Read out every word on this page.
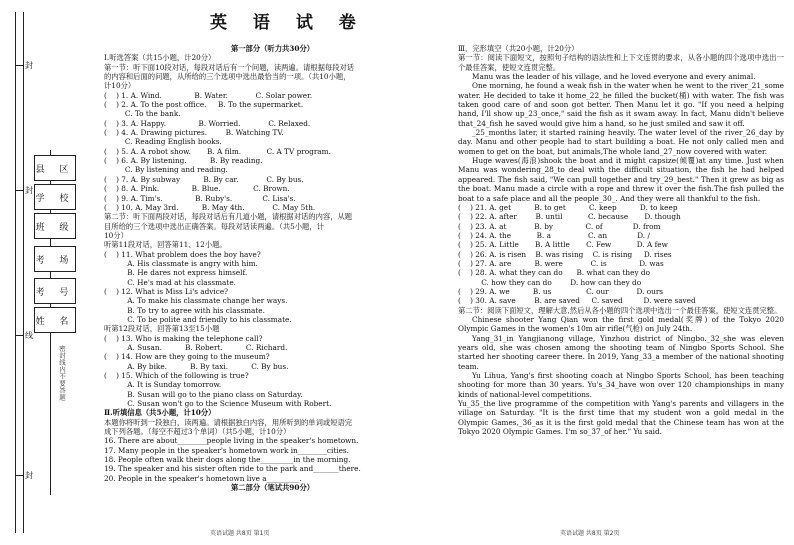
封
封
线
封
县 区
学 校
班 级
考 场
考 号
姓 名
密封线内不要答题
英 语 试 卷
第一部分（听力共30分）
I.听选答案（共15小题，计20分）
第一节：听下面10段对话，每段对话后有一个问题，读两遍。请根据每段对话
的内容和后面的问题，从所给的三个选项中选出最恰当的一项。（共10小题，
计10分）
(    ) 1. A. Wind.              B. Water.            C. Solar power.
(    ) 2. A. To the post office.     B. To the supermarket.
C. To the bank.
(    ) 3. A. Happy.              B. Worried.            C. Relaxed.
(    ) 4. A. Drawing pictures.        B. Watching TV.
C. Reading English books.
(    ) 5. A. A robot show.       B. A film.           C. A TV program.
(    ) 6. A. By listening.          B. By reading.
C. By listening and reading.
(    ) 7. A. By subway          B. By car.            C. By bus.
(    ) 8. A. Pink.              B. Blue.              C. Brown.
(    ) 9. A. Tim's.              B. Ruby's.             C. Lisa's.
(    ) 10. A. May 3rd.          B. May 4th.            C. May 5th.
第二节：听下面两段对话，每段对话后有几道小题，请根据对话的内容，从题
目所给的三个选项中选出正确答案。每段对话读两遍。（共5小题，计
10分）
听第11段对话，回答第11、12小题。
(    ) 11. What problem does the boy have?
A. His classmate is angry with him.
B. He dares not express himself.
C. He's mad at his classmate.
(    ) 12. What is Miss Li's advice?
A. To make his classmate change her ways.
B. To try to agree with his classmate.
C. To be polite and friendly to his classmate.
听第12段对话，回答第13至15小题
(    ) 13. Who is making the telephone call?
A. Susan.          B. Robert.          C. Richard.
(    ) 14. How are they going to the museum?
A. By bike.          B. By taxi.          C. By bus.
(    ) 15. Which of the following is true?
A. It is Sunday tomorrow.
B. Susan will go to the piano class on Saturday.
C. Susan won't go to the Science Museum with Robert.
Ⅱ.听填信息（共5小题，计10分）
本题你将听到一段独白，读两遍。请根据独白内容，用所听到的单词或短语完
成下列各题。（每空不超过3个单词）（共5小题，计10分）
16. There are about________people living in the speaker's hometown.
17. Many people in the speaker's hometown work in________cities.
18. People often walk their dogs along the_________in the morning.
19. The speaker and his sister often ride to the park and_______there.
20. People in the speaker's hometown live a_________.
第二部分（笔试共90分）
Ⅲ．完形填空（共20小题，计20分）
第一节：阅读下面短文，按照句子结构的语法性和上下文连贯的要求，从各小题的四个选项中选出一个最佳答案，使短文连贯完整。
Manu was the leader of his village, and he loved everyone and every animal.
One morning, he found a weak fish in the water when he went to the river_21_some water. He decided to take it home_22_he filled the bucket(桶) with water. The fish was taken good care of and soon got better. Then Manu let it go. "If you need a helping hand, I'll show up_23_once," said the fish as it swam away. In fact, Manu didn't believe that_24_fish he saved would give him a hand, so he just smiled and saw it off.
_25_months later, it started raining heavily. The water level of the river_26_day by day. Manu and other people had to start building a boat. He not only called men and women to get on the boat, but animals,The whole land_27_now covered with water.
Huge waves(海浪)shook the boat and it might capsize(倾覆)at any time. Just when Manu was wondering_28_to deal with the difficult situation, the fish he had helped appeared. The fish said, "We can pull together and try_29_best." Then it grew as big as the boat. Manu made a circle with a rope and threw it over the fish.The fish pulled the boat to a safe place and all the people_30_. And they were all thankful to the fish.
(    ) 21. A. get          B. to get          C. keep          D. to keep
(    ) 22. A. after        B. until           C. because       D. though
(    ) 23. A. at            B. by              C. of             D. from
(    ) 24. A. the           B. a                C. an             D. /
(    ) 25. A. Little       B. A little       C. Few           D. A few
(    ) 26. A. is risen    B. was rising    C. is rising     D. rises
(    ) 27. A. are          B. were            C. is              D. was
(    ) 28. A. what they can do      B. what can they do
C. how they can do        D. how can they do
(    ) 29. A. we          B. us               C. our            D. ours
(    ) 30. A. save        B. are saved     C. saved         D. were saved
第二节：阅读下面短文，理解大意,然后从各小题的四个选项中选出一个最佳答案，使短文连贯完整。
Chinese shooter Yang Qian won the first gold medal(奖牌) of the Tokyo 2020 Olympic Games in the women's 10m air rifle(气枪) on July 24th.
Yang_31_in Yangjianong village, Yinzhou district of Ningbo._32_she was eleven years old, she was chosen among the shooting team of Ningbo Sports School. She started her shooting career there. In 2019, Yang_33_a member of the national shooting team.
Yu Lihua, Yang's first shooting coach at Ningbo Sports School, has been teaching shooting for more than 30 years. Yu's_34_have won over 120 championships in many kinds of national-level competitions.
Yu_35_the live programme of the competition with Yang's parents and villagers in the village on Saturday. "It is the first time that my student won a gold medal in the Olympic Games,_36_as it is the first gold medal that the Chinese team has won at the Tokyo 2020 Olympic Games. I'm so_37_of her." Yu said.
英语试题 共8页 第1页	英语试题 共8页 第2页
